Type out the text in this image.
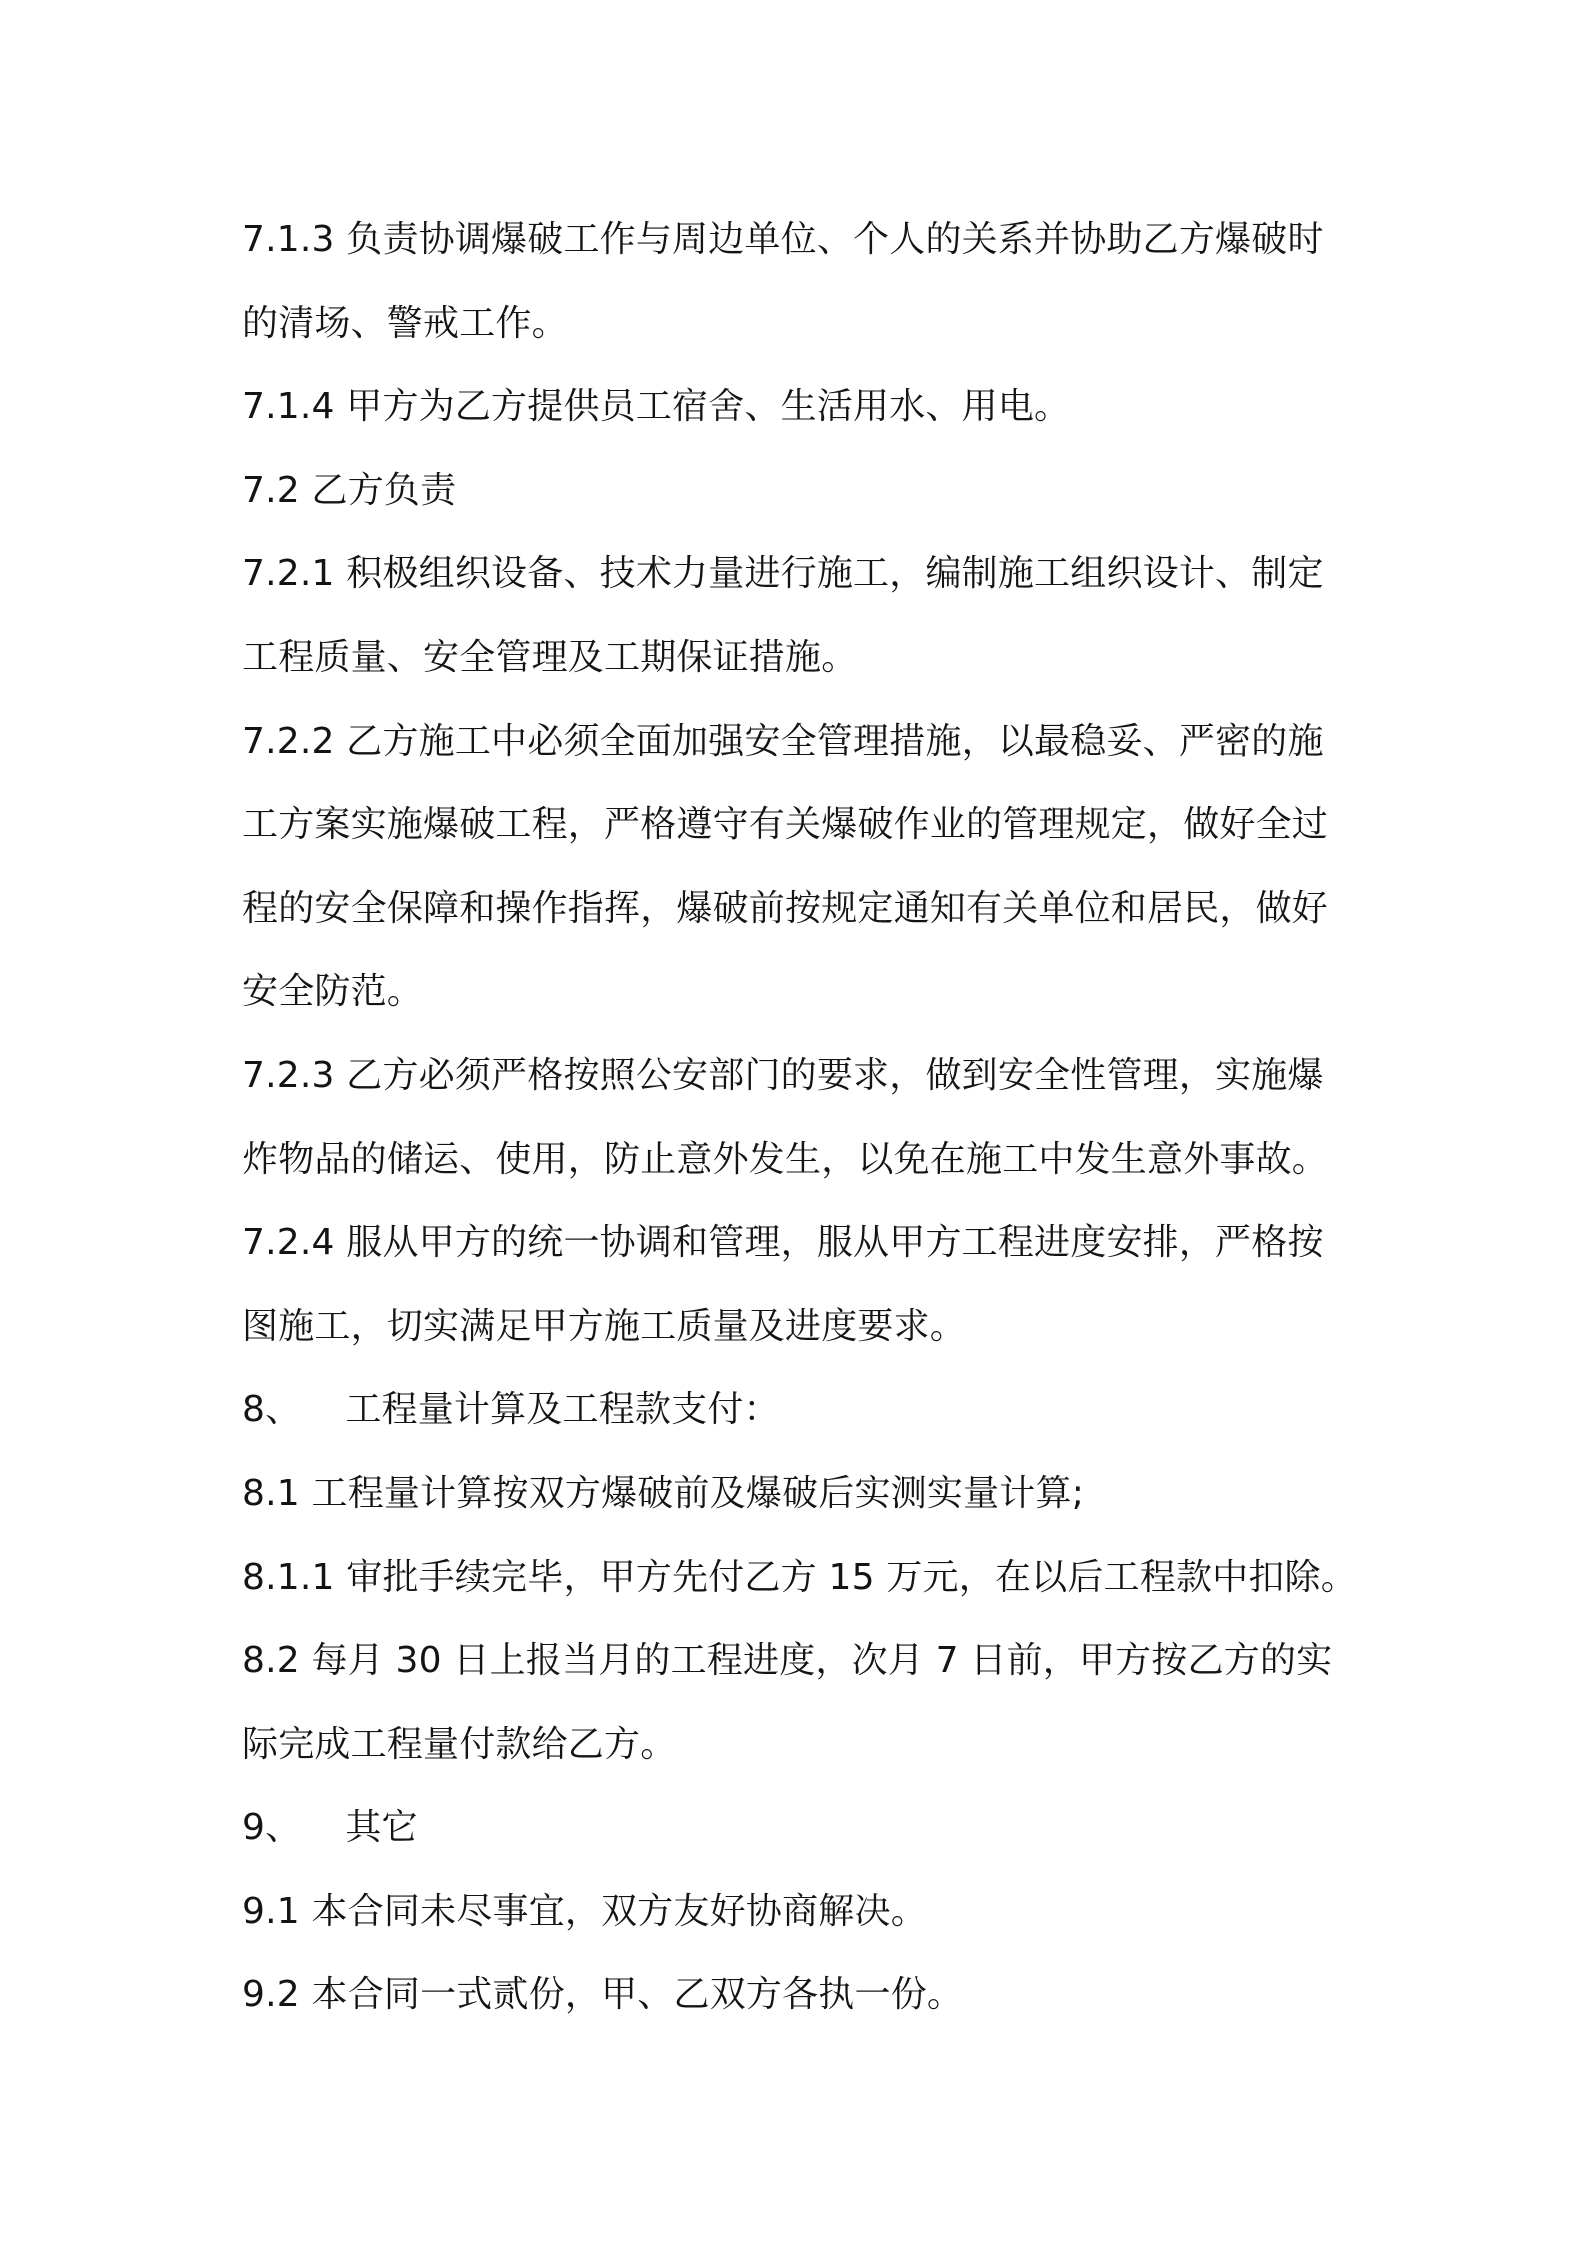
7.1.3 负责协调爆破工作与周边单位、个人的关系并协助乙方爆破时
的清场、警戒工作。
7.1.4 甲方为乙方提供员工宿舍、生活用水、用电。
7.2 乙方负责
7.2.1 积极组织设备、技术力量进行施工，编制施工组织设计、制定
工程质量、安全管理及工期保证措施。
7.2.2 乙方施工中必须全面加强安全管理措施，以最稳妥、严密的施
工方案实施爆破工程，严格遵守有关爆破作业的管理规定，做好全过
程的安全保障和操作指挥，爆破前按规定通知有关单位和居民，做好
安全防范。
7.2.3 乙方必须严格按照公安部门的要求，做到安全性管理，实施爆
炸物品的储运、使用，防止意外发生，以免在施工中发生意外事故。
7.2.4 服从甲方的统一协调和管理，服从甲方工程进度安排，严格按
图施工，切实满足甲方施工质量及进度要求。
8、 工程量计算及工程款支付：
8.1 工程量计算按双方爆破前及爆破后实测实量计算;
8.1.1 审批手续完毕，甲方先付乙方 15 万元，在以后工程款中扣除。
8.2 每月 30 日上报当月的工程进度，次月 7 日前，甲方按乙方的实
际完成工程量付款给乙方。
9、 其它
9.1 本合同未尽事宜，双方友好协商解决。
9.2 本合同一式贰份，甲、乙双方各执一份。
